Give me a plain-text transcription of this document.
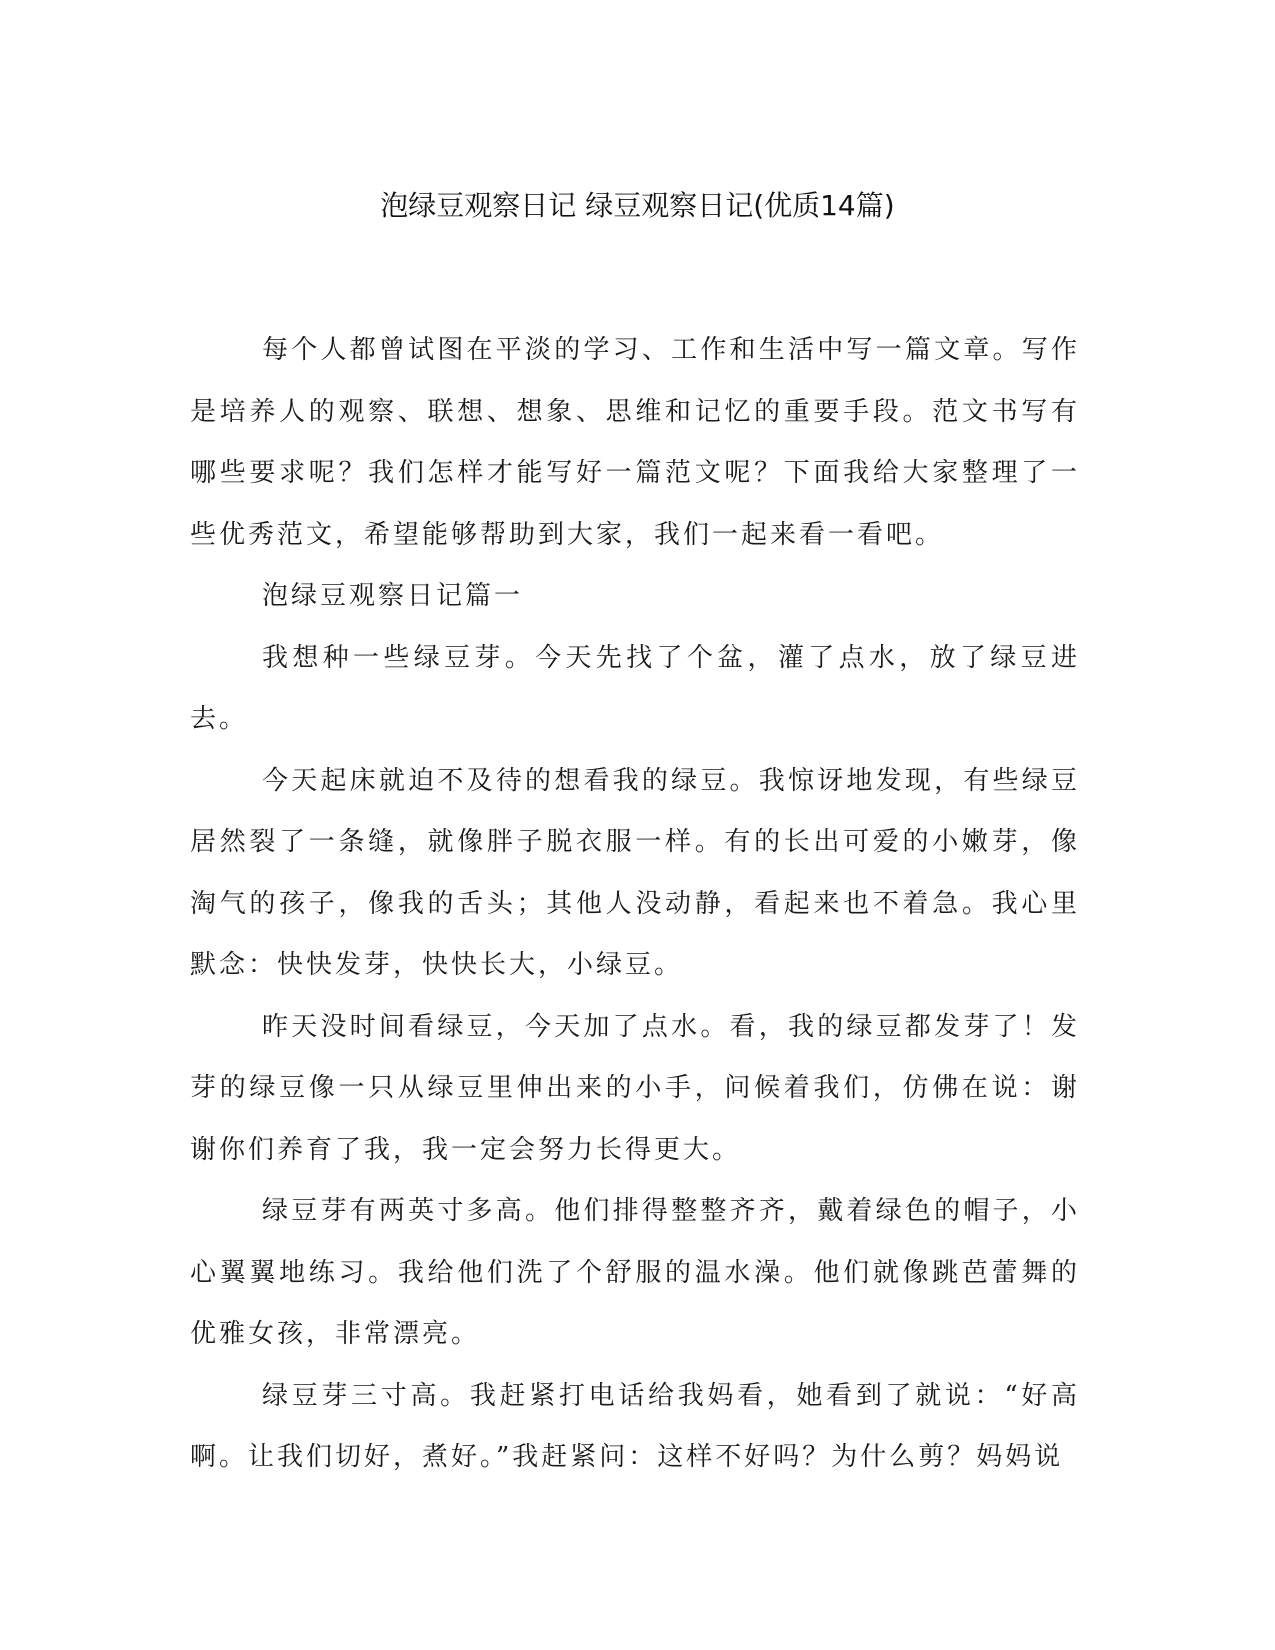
泡绿豆观察日记 绿豆观察日记(优质14篇)

每个人都曾试图在平淡的学习、工作和生活中写一篇文章。写作是培养人的观察、联想、想象、思维和记忆的重要手段。范文书写有哪些要求呢？我们怎样才能写好一篇范文呢？下面我给大家整理了一些优秀范文，希望能够帮助到大家，我们一起来看一看吧。

泡绿豆观察日记篇一

我想种一些绿豆芽。今天先找了个盆，灌了点水，放了绿豆进去。

今天起床就迫不及待的想看我的绿豆。我惊讶地发现，有些绿豆居然裂了一条缝，就像胖子脱衣服一样。有的长出可爱的小嫩芽，像淘气的孩子，像我的舌头；其他人没动静，看起来也不着急。我心里默念：快快发芽，快快长大，小绿豆。

昨天没时间看绿豆，今天加了点水。看，我的绿豆都发芽了！发芽的绿豆像一只从绿豆里伸出来的小手，问候着我们，仿佛在说：谢谢你们养育了我，我一定会努力长得更大。

绿豆芽有两英寸多高。他们排得整整齐齐，戴着绿色的帽子，小心翼翼地练习。我给他们洗了个舒服的温水澡。他们就像跳芭蕾舞的优雅女孩，非常漂亮。

绿豆芽三寸高。我赶紧打电话给我妈看，她看到了就说：“好高啊。让我们切好，煮好。”我赶紧问：这样不好吗？为什么剪？妈妈说
